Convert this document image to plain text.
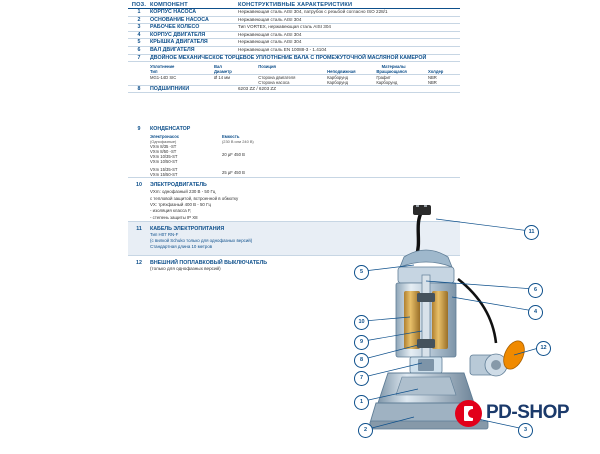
ПОЗ.	КОМПОНЕНТ	КОНСТРУКТИВНЫЕ ХАРАКТЕРИСТИКИ
1	КОРПУС НАСОСА	Нержавеющая сталь AISI 304, патрубок с резьбой согласно ISO 228/1
2	ОСНОВАНИЕ НАСОСА	Нержавеющая сталь AISI 304
3	РАБОЧЕЕ КОЛЕСО	Тип VORTEX, нержавеющая сталь AISI 304
4	КОРПУС ДВИГАТЕЛЯ	Нержавеющая сталь AISI 304
5	КРЫШКА ДВИГАТЕЛЯ	Нержавеющая сталь AISI 304
6	ВАЛ ДВИГАТЕЛЯ	Нержавеющая сталь EN 10088-3 - 1.4104
7	ДВОЙНОЕ МЕХАНИЧЕСКОЕ ТОРЦЕВОЕ УПЛОТНЕНИЕ ВАЛА С ПРОМЕЖУТОЧНОЙ МАСЛЯНОЙ КАМЕРОЙ

Уплотнение	Вал	Позиция	Материалы
Тип	Диаметр		Неподвижная	Вращающаяся	Холдер
MG1-14D SIC	Ø 14 мм	Сторона двигателя	Карборунд	Графит	NBR
		Сторона насоса	Карборунд	Карборунд	NBR

8	ПОДШИПНИКИ	6203 ZZ / 6203 ZZ

9	КОНДЕНСАТОР

Электронасос
(Однофазные)	Емкость
(230 В или 240 В)
VXm 8/35 -ST
VXm 8/50 -ST
VXm 10/35-ST
VXm 10/50-ST	20 μF 450 В
VXm 15/35-ST
VXm 15/50-ST	25 μF 450 В

10	ЭЛЕКТРОДВИГАТЕЛЬ

VXm: однофазный 230 В - 50 Гц
с тепловой защитой, встроенной в обмотку
VX: трёхфазный 400 В - 50 Гц
- изоляция класса F,
- степень защиты IP X8

11	КАБЕЛЬ ЭЛЕКТРОПИТАНИЯ
Тип H07 RN-F
(с вилкой Schuko только для однофазных версий)
Стандартная длина 10 метров

12	ВНЕШНИЙ ПОПЛАВКОВЫЙ ВЫКЛЮЧАТЕЛЬ
(только для однофазных версий)
11
5
6
4
10
9
8
7
12
1
2	3
PD-SHOP
